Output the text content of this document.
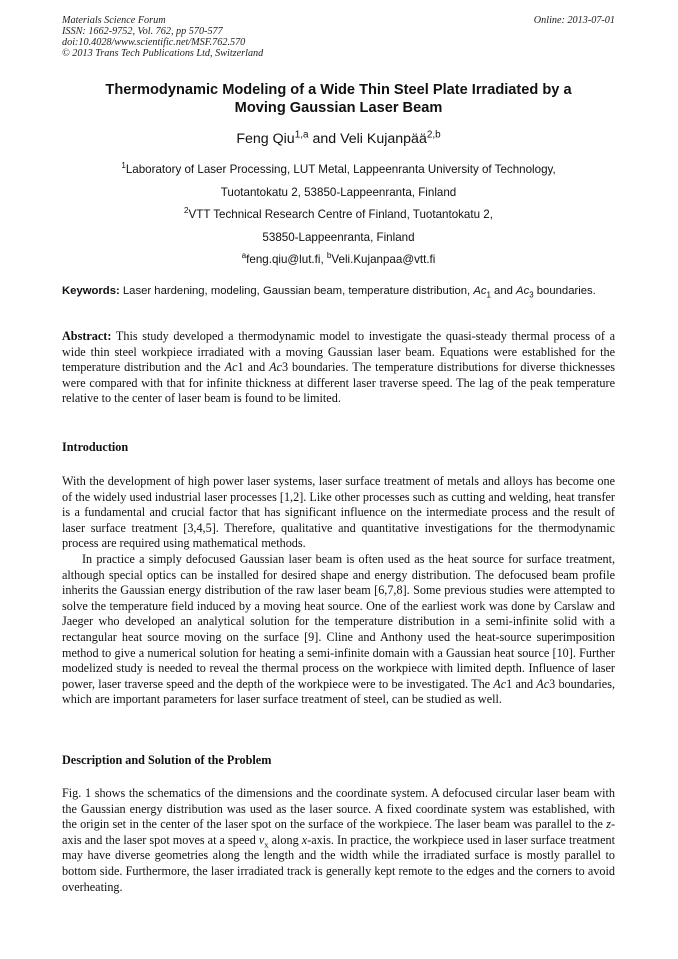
Materials Science Forum
ISSN: 1662-9752, Vol. 762, pp 570-577
doi:10.4028/www.scientific.net/MSF.762.570
© 2013 Trans Tech Publications Ltd, Switzerland
Online: 2013-07-01
Thermodynamic Modeling of a Wide Thin Steel Plate Irradiated by a
Moving Gaussian Laser Beam
Feng Qiu$^{1,a}$ and Veli Kujanpää$^{2,b}$
$^1$Laboratory of Laser Processing, LUT Metal, Lappeenranta University of Technology,
Tuotantokatu 2, 53850-Lappeenranta, Finland
$^2$VTT Technical Research Centre of Finland, Tuotantokatu 2,
53850-Lappeenranta, Finland
$^a$feng.qiu@lut.fi, $^b$Veli.Kujanpaa@vtt.fi
Keywords: Laser hardening, modeling, Gaussian beam, temperature distribution, $Ac_1$ and $Ac_3$ boundaries.

Abstract: This study developed a thermodynamic model to investigate the quasi-steady thermal process of a wide thin steel workpiece irradiated with a moving Gaussian laser beam. Equations were established for the temperature distribution and the Ac1 and Ac3 boundaries. The temperature distributions for diverse thicknesses were compared with that for infinite thickness at different laser traverse speed. The lag of the peak temperature relative to the center of laser beam is found to be limited.

Introduction

With the development of high power laser systems, laser surface treatment of metals and alloys has become one of the widely used industrial laser processes [1,2]. Like other processes such as cutting and welding, heat transfer is a fundamental and crucial factor that has significant influence on the intermediate process and the result of laser surface treatment [3,4,5]. Therefore, qualitative and quantitative investigations for the thermodynamic process are required using mathematical methods.

In practice a simply defocused Gaussian laser beam is often used as the heat source for surface treatment, although special optics can be installed for desired shape and energy distribution. The defocused beam profile inherits the Gaussian energy distribution of the raw laser beam [6,7,8]. Some previous studies were attempted to solve the temperature field induced by a moving heat source. One of the earliest work was done by Carslaw and Jaeger who developed an analytical solution for the temperature distribution in a semi-infinite solid with a rectangular heat source moving on the surface [9]. Cline and Anthony used the heat-source superimposition method to give a numerical solution for heating a semi-infinite domain with a Gaussian heat source [10]. Further modelized study is needed to reveal the thermal process on the workpiece with limited depth. Influence of laser power, laser traverse speed and the depth of the workpiece were to be investigated. The Ac1 and Ac3 boundaries, which are important parameters for laser surface treatment of steel, can be studied as well.

Description and Solution of the Problem

Fig. 1 shows the schematics of the dimensions and the coordinate system. A defocused circular laser beam with the Gaussian energy distribution was used as the laser source. A fixed coordinate system was established, with the origin set in the center of the laser spot on the surface of the workpiece. The laser beam was parallel to the z-axis and the laser spot moves at a speed $v_x$ along x-axis. In practice, the workpiece used in laser surface treatment may have diverse geometries along the length and the width while the irradiated surface is mostly parallel to bottom side. Furthermore, the laser irradiated track is generally kept remote to the edges and the corners to avoid overheating.
